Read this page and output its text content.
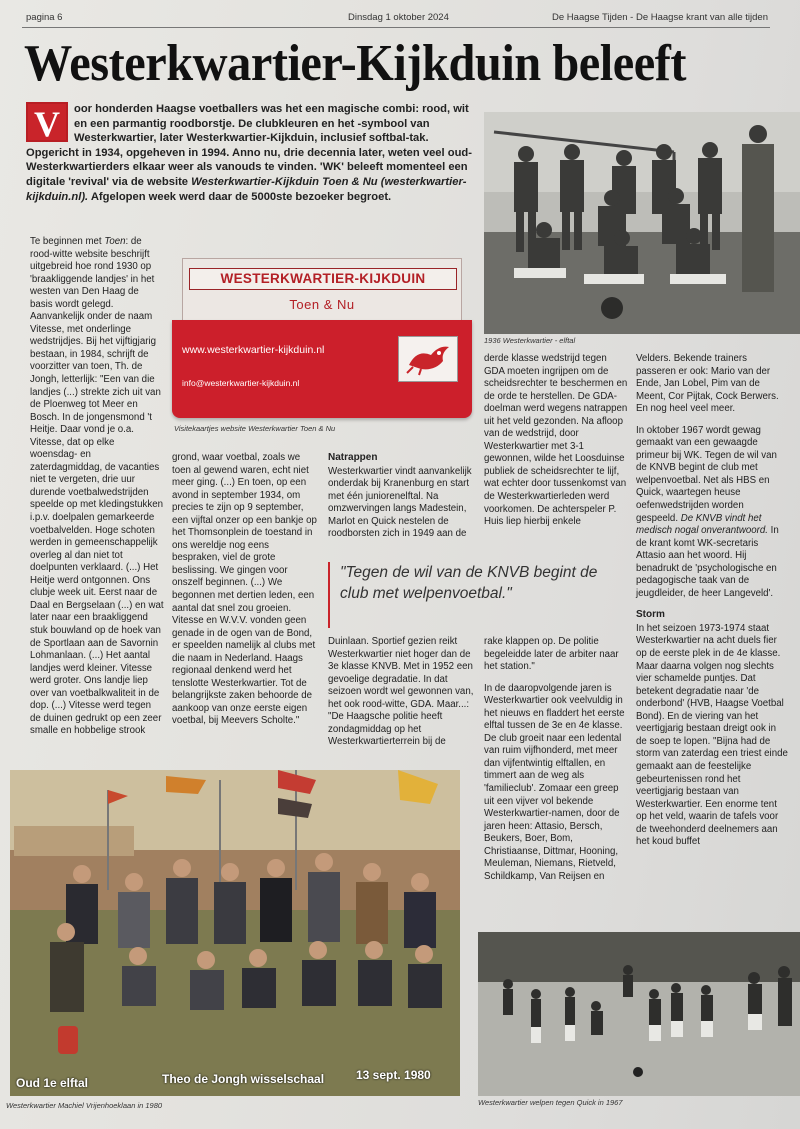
pagina 6	Dinsdag 1 oktober 2024	De Haagse Tijden - De Haagse krant van alle tijden
Westerkwartier-Kijkduin beleeft
V	oor honderden Haagse voetballers was het een magische combi: rood, wit en een parmantig roodborstje. De clubkleuren en het -symbool van Westerkwartier, later Westerkwartier-Kijkduin, inclusief softbal-tak. Opgericht in 1934, opgeheven in 1994. Anno nu, drie decennia later, weten veel oud-Westerkwartierders elkaar weer als vanouds te vinden. 'WK' beleeft momenteel een digitale 'revival' via de website Westerkwartier-Kijkduin Toen & Nu (westerkwartier-kijkduin.nl). Afgelopen week werd daar de 5000ste bezoeker begroet.
1936 Westerkwartier - elftal

Te beginnen met Toen: de rood-witte website beschrijft uitgebreid hoe rond 1930 op 'braakliggende landjes' in het westen van Den Haag de basis wordt gelegd. Aanvankelijk onder de naam Vitesse, met onderlinge wedstrijdjes. Bij het vijftigjarig bestaan, in 1984, schrijft de voorzitter van toen, Th. de Jongh, letterlijk: "Een van die landjes (...) strekte zich uit van de Ploenweg tot Meer en Bosch. In de jongensmond 't Heitje. Daar vond je o.a. Vitesse, dat op elke woensdag- en zaterdagmiddag, de vacanties niet te vergeten, drie uur durende voetbalwedstrijden speelde op met kledingstukken i.p.v. doelpalen gemarkeerde voetbalvelden. Hoge schoten werden in gemeenschappelijk overleg al dan niet tot doelpunten verklaard. (...) Het Heitje werd ontgonnen. Ons clubje week uit. Eerst naar de Daal en Bergselaan (...) en wat later naar een braakliggend stuk bouwland op de hoek van de Sportlaan aan de Savornin Lohmanlaan. (...) Het aantal landjes werd kleiner. Vitesse werd groter. Ons landje liep over van voetbalkwaliteit in de dop. (...) Vitesse werd tegen de duinen gedrukt op een zeer smalle en hobbelige strook

WESTERKWARTIER-KIJKDUIN
Toen & Nu
www.westerkwartier-kijkduin.nl
info@westerkwartier-kijkduin.nl
Visitekaartjes website Westerkwartier Toen & Nu

grond, waar voetbal, zoals we toen al gewend waren, echt niet meer ging. (...) En toen, op een avond in september 1934, om precies te zijn op 9 september, een vijftal onzer op een bankje op het Thomsonplein de toestand in ons wereldje nog eens bespraken, viel de grote beslissing. We gingen voor onszelf beginnen. (...) We begonnen met dertien leden, een aantal dat snel zou groeien. Vitesse en W.V.V. vonden geen genade in de ogen van de Bond, er speelden namelijk al clubs met die naam in Nederland. Haags regionaal denkend werd het tenslotte Westerkwartier. Tot de belangrijkste zaken behoorde de aankoop van onze eerste eigen voetbal, bij Meevers Scholte."

Natrappen

Westerkwartier vindt aanvankelijk onderdak bij Kranenburg en start met één juniorenelftal. Na omzwervingen langs Madestein, Marlot en Quick nestelen de roodborsten zich in 1949 aan de

derde klasse wedstrijd tegen GDA moeten ingrijpen om de scheidsrechter te beschermen en de orde te herstellen. De GDA-doelman werd wegens natrappen uit het veld gezonden. Na afloop van de wedstrijd, door Westerkwartier met 3-1 gewonnen, wilde het Loosduinse publiek de scheidsrechter te lijf, wat echter door tussenkomst van de Westerkwartierleden werd voorkomen. De achterspeler P. Huis liep hierbij enkele

"Tegen de wil van de KNVB begint de club met welpenvoetbal."

Duinlaan. Sportief gezien reikt Westerkwartier niet hoger dan de 3e klasse KNVB. Met in 1952 een gevoelige degradatie. In dat seizoen wordt wel gewonnen van, het ook rood-witte, GDA. Maar...: "De Haagsche politie heeft zondagmiddag op het Westerkwartierterrein bij de

rake klappen op. De politie begeleidde later de arbiter naar het station."

In de daaropvolgende jaren is Westerkwartier ook veelvuldig in het nieuws en fladdert het eerste elftal tussen de 3e en 4e klasse. De club groeit naar een ledental van ruim vijfhonderd, met meer dan vijfentwintig elftallen, en timmert aan de weg als 'familieclub'. Zomaar een greep uit een vijver vol bekende Westerkwartier-namen, door de jaren heen: Attasio, Bersch, Beukers, Boer, Bom, Christiaanse, Dittmar, Hooning, Meuleman, Niemans, Rietveld, Schildkamp, Van Reijsen en

Velders. Bekende trainers passeren er ook: Mario van der Ende, Jan Lobel, Pim van de Meent, Cor Pijtak, Cock Berwers. En nog heel veel meer.

In oktober 1967 wordt gewag gemaakt van een gewaagde primeur bij WK. Tegen de wil van de KNVB begint de club met welpenvoetbal. Net als HBS en Quick, waartegen heuse oefenwedstrijden worden gespeeld. De KNVB vindt het medisch nogal onverantwoord. In de krant komt WK-secretaris Attasio aan het woord. Hij benadrukt de 'psychologische en pedagogische taak van de jeugdleider, de heer Langeveld'.

Storm

In het seizoen 1973-1974 staat Westerkwartier na acht duels fier op de eerste plek in de 4e klasse. Maar daarna volgen nog slechts vier schamelde puntjes. Dat betekent degradatie naar 'de onderbond' (HVB, Haagse Voetbal Bond). En de viering van het veertigjarig bestaan dreigt ook in de soep te lopen. "Bijna had de storm van zaterdag een triest einde gemaakt aan de feestelijke gebeurtenissen rond het veertigjarig bestaan van Westerkwartier. Een enorme tent op het veld, waarin de tafels voor de tweehonderd deelnemers aan het koud buffet

Oud 1e elftal	Theo de Jongh wisselschaal	13 sept. 1980
Westerkwartier Machiel Vrijenhoeklaan in 1980	Westerkwartier welpen tegen Quick in 1967
